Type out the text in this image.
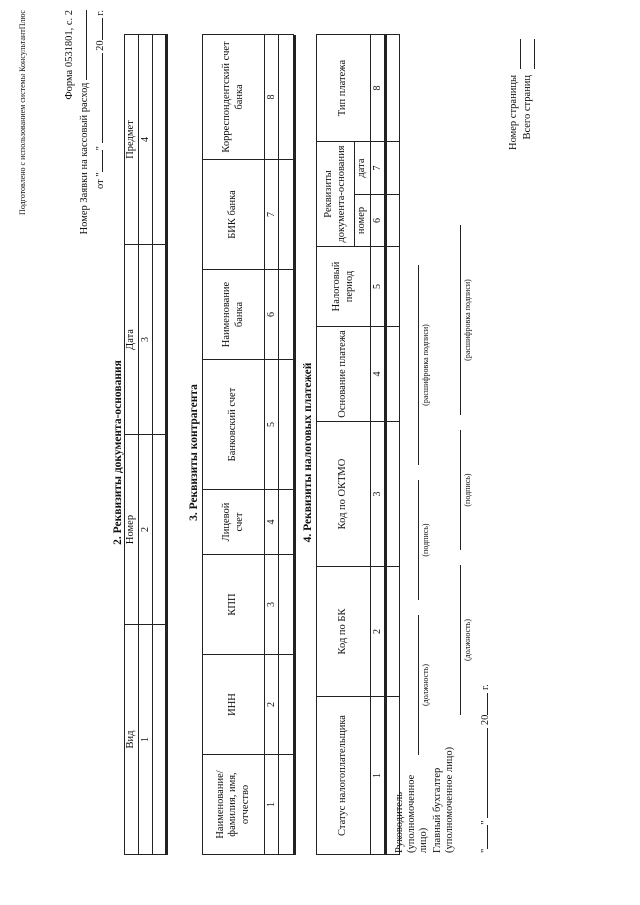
Подготовлено с использованием системы КонсультантПлюс	Форма 0531801, с. 2
Номер Заявки на кассовый расход от ""  20 г.
2. Реквизиты документа-основания
Вид	Номер	Дата	Предмет
1	2	3	4

3. Реквизиты контрагента
Наименование/ фамилия, имя, отчество	ИНН	КПП	Лицевой счет	Банковский счет	Наименование банка	БИК банка	Корреспондентский счет банка
1	2	3	4	5	6	7	8

4. Реквизиты налоговых платежей
Статус налогоплательщика	Код по БК	Код по ОКТМО	Основание платежа	Налоговый период	Реквизиты документа-основания		Тип платежа
					номер	дата	
1	2	3	4	5	6	7	8

Руководитель (уполномоченное лицо)
(должность)
(подпись)
(расшифровка подписи)
Главный бухгалтер (уполномоченное лицо)
(должность)
(подпись)
(расшифровка подписи)
""  20 г.
Номер страницы Всего страниц
